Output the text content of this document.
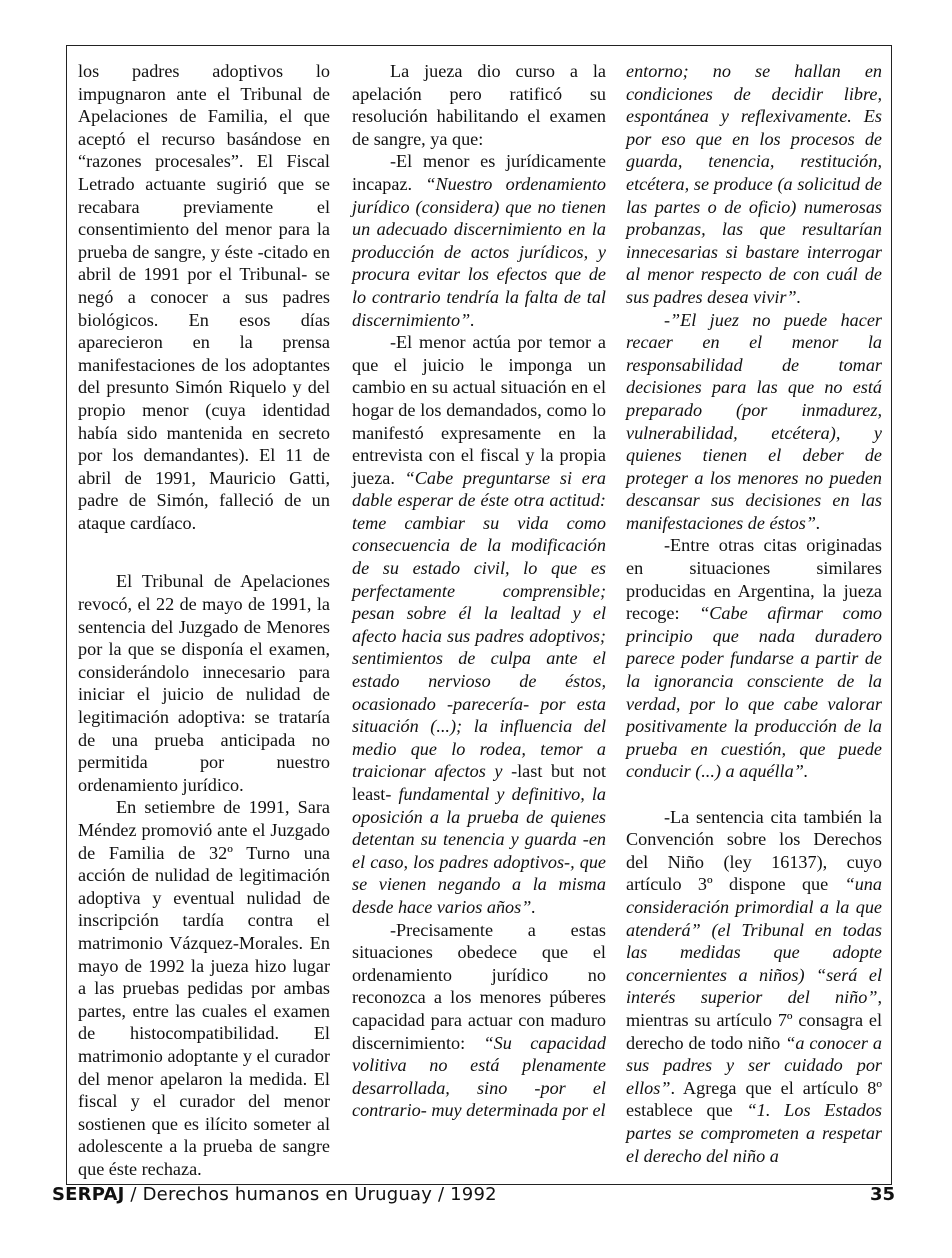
los padres adoptivos lo impugnaron ante el Tribunal de Apelaciones de Familia, el que aceptó el recurso basándose en “razones procesales”. El Fiscal Letrado actuante sugirió que se recabara previamente el consentimiento del menor para la prueba de sangre, y éste -citado en abril de 1991 por el Tribunal- se negó a conocer a sus padres biológicos. En esos días aparecieron en la prensa manifestaciones de los adoptantes del presunto Simón Riquelo y del propio menor (cuya identidad había sido mantenida en secreto por los demandantes). El 11 de abril de 1991, Mauricio Gatti, padre de Simón, falleció de un ataque cardíaco.

El Tribunal de Apelaciones revocó, el 22 de mayo de 1991, la sentencia del Juzgado de Menores por la que se disponía el examen, considerándolo innecesario para iniciar el juicio de nulidad de legitimación adoptiva: se trataría de una prueba anticipada no permitida por nuestro ordenamiento jurídico.

En setiembre de 1991, Sara Méndez promovió ante el Juzgado de Familia de 32º Turno una acción de nulidad de legitimación adoptiva y eventual nulidad de inscripción tardía contra el matrimonio Vázquez-Morales. En mayo de 1992 la jueza hizo lugar a las pruebas pedidas por ambas partes, entre las cuales el examen de histocompatibilidad. El matrimonio adoptante y el curador del menor apelaron la medida. El fiscal y el curador del menor sostienen que es ilícito someter al adolescente a la prueba de sangre que éste rechaza.

La jueza dio curso a la apelación pero ratificó su resolución habilitando el examen de sangre, ya que:

-El menor es jurídicamente incapaz. “Nuestro ordenamiento jurídico (considera) que no tienen un adecuado discernimiento en la producción de actos jurídicos, y procura evitar los efectos que de lo contrario tendría la falta de tal discernimiento”.

-El menor actúa por temor a que el juicio le imponga un cambio en su actual situación en el hogar de los demandados, como lo manifestó expresamente en la entrevista con el fiscal y la propia jueza. “Cabe preguntarse si era dable esperar de éste otra actitud: teme cambiar su vida como consecuencia de la modificación de su estado civil, lo que es perfectamente comprensible; pesan sobre él la lealtad y el afecto hacia sus padres adoptivos; sentimientos de culpa ante el estado nervioso de éstos, ocasionado -parecería- por esta situación (...); la influencia del medio que lo rodea, temor a traicionar afectos y -last but not least- fundamental y definitivo, la oposición a la prueba de quienes detentan su tenencia y guarda -en el caso, los padres adoptivos-, que se vienen negando a la misma desde hace varios años”.

-Precisamente a estas situaciones obedece que el ordenamiento jurídico no reconozca a los menores púberes capacidad para actuar con maduro discernimiento: “Su capacidad volitiva no está plenamente desarrollada, sino -por el contrario- muy determinada por el

entorno; no se hallan en condiciones de decidir libre, espontánea y reflexivamente. Es por eso que en los procesos de guarda, tenencia, restitución, etcétera, se produce (a solicitud de las partes o de oficio) numerosas probanzas, las que resultarían innecesarias si bastare interrogar al menor respecto de con cuál de sus padres desea vivir”.

-”El juez no puede hacer recaer en el menor la responsabilidad de tomar decisiones para las que no está preparado (por inmadurez, vulnerabilidad, etcétera), y quienes tienen el deber de proteger a los menores no pueden descansar sus decisiones en las manifestaciones de éstos”.

-Entre otras citas originadas en situaciones similares producidas en Argentina, la jueza recoge: “Cabe afirmar como principio que nada duradero parece poder fundarse a partir de la ignorancia consciente de la verdad, por lo que cabe valorar positivamente la producción de la prueba en cuestión, que puede conducir (...) a aquélla”.

-La sentencia cita también la Convención sobre los Derechos del Niño (ley 16137), cuyo artículo 3º dispone que “una consideración primordial a la que atenderá” (el Tribunal en todas las medidas que adopte concernientes a niños) “será el interés superior del niño”, mientras su artículo 7º consagra el derecho de todo niño “a conocer a sus padres y ser cuidado por ellos”. Agrega que el artículo 8º establece que “1. Los Estados partes se comprometen a respetar el derecho del niño a

SERPAJ / Derechos humanos en Uruguay / 1992	35
